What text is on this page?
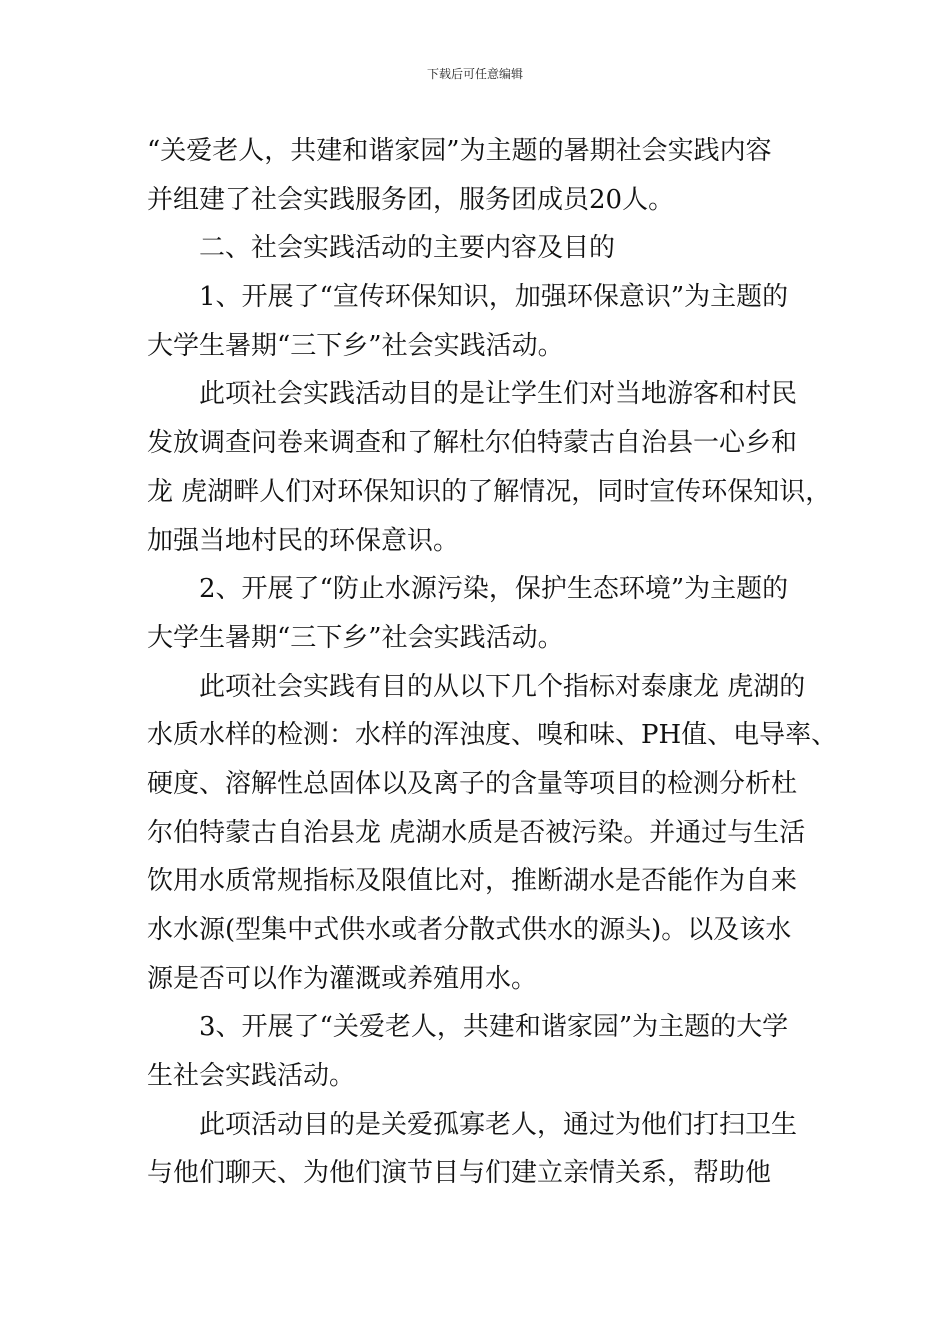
下载后可任意编辑
“关爱老人，共建和谐家园”为主题的暑期社会实践内容
并组建了社会实践服务团，服务团成员20人。
二、社会实践活动的主要内容及目的
1、开展了“宣传环保知识，加强环保意识”为主题的
大学生暑期“三下乡”社会实践活动。
此项社会实践活动目的是让学生们对当地游客和村民
发放调查问卷来调查和了解杜尔伯特蒙古自治县一心乡和
龙 虎湖畔人们对环保知识的了解情况，同时宣传环保知识，
加强当地村民的环保意识。
2、开展了“防止水源污染，保护生态环境”为主题的
大学生暑期“三下乡”社会实践活动。
此项社会实践有目的从以下几个指标对泰康龙 虎湖的
水质水样的检测：水样的浑浊度、嗅和味、PH值、电导率、
硬度、溶解性总固体以及离子的含量等项目的检测分析杜
尔伯特蒙古自治县龙 虎湖水质是否被污染。并通过与生活
饮用水质常规指标及限值比对，推断湖水是否能作为自来
水水源(型集中式供水或者分散式供水的源头)。以及该水
源是否可以作为灌溉或养殖用水。
3、开展了“关爱老人，共建和谐家园”为主题的大学
生社会实践活动。
此项活动目的是关爱孤寡老人，通过为他们打扫卫生
与他们聊天、为他们演节目与们建立亲情关系，帮助他
